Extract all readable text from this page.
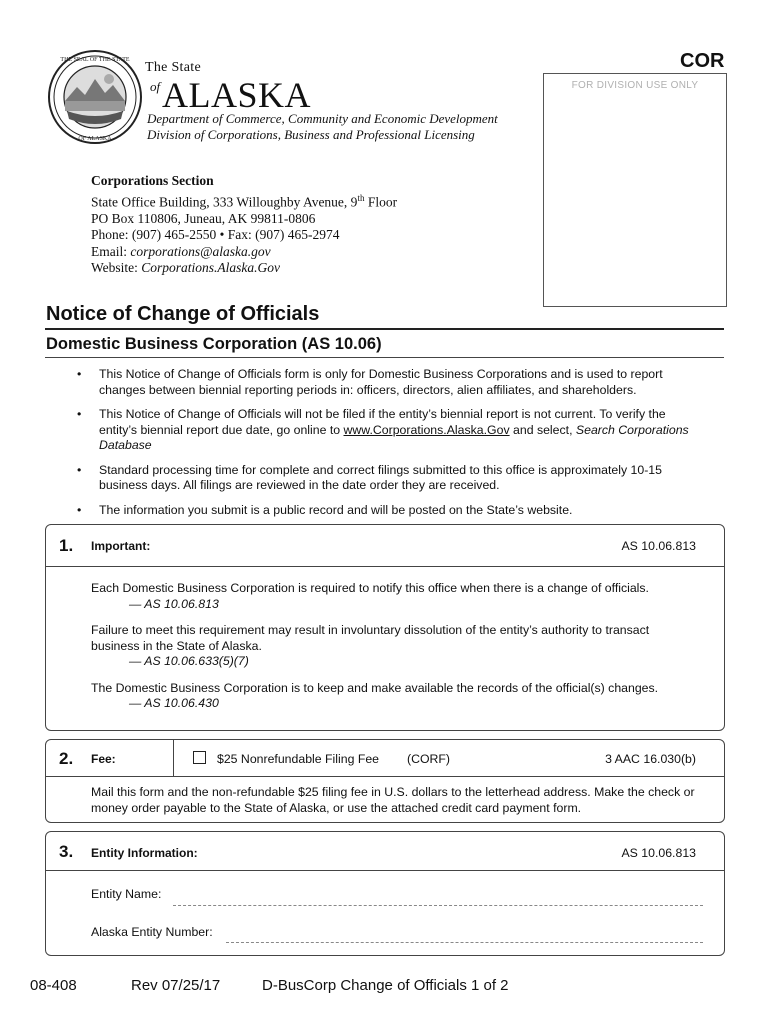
THE SEAL OF THE STATE
OF ALASKA
The State
of ALASKA
Department of Commerce, Community and Economic Development
Division of Corporations, Business and Professional Licensing
COR
FOR DIVISION USE ONLY
Corporations Section
State Office Building, 333 Willoughby Avenue, 9th Floor
PO Box 110806, Juneau, AK 99811-0806
Phone: (907) 465-2550 • Fax: (907) 465-2974
Email: corporations@alaska.gov
Website: Corporations.Alaska.Gov
Notice of Change of Officials
Domestic Business Corporation (AS 10.06)
• This Notice of Change of Officials form is only for Domestic Business Corporations and is used to report changes between biennial reporting periods in: officers, directors, alien affiliates, and shareholders.
• This Notice of Change of Officials will not be filed if the entity’s biennial report is not current. To verify the entity’s biennial report due date, go online to www.Corporations.Alaska.Gov and select, Search Corporations Database
• Standard processing time for complete and correct filings submitted to this office is approximately 10-15 business days. All filings are reviewed in the date order they are received.
• The information you submit is a public record and will be posted on the State’s website.
1. Important:	AS 10.06.813
Each Domestic Business Corporation is required to notify this office when there is a change of officials.
— AS 10.06.813
Failure to meet this requirement may result in involuntary dissolution of the entity’s authority to transact business in the State of Alaska.
— AS 10.06.633(5)(7)
The Domestic Business Corporation is to keep and make available the records of the official(s) changes.
— AS 10.06.430
2. Fee:	$25 Nonrefundable Filing Fee (CORF)	3 AAC 16.030(b)
Mail this form and the non-refundable $25 filing fee in U.S. dollars to the letterhead address. Make the check or money order payable to the State of Alaska, or use the attached credit card payment form.
3. Entity Information:	AS 10.06.813
Entity Name:
Alaska Entity Number:
08-408	Rev 07/25/17	D-BusCorp Change of Officials 1 of 2
